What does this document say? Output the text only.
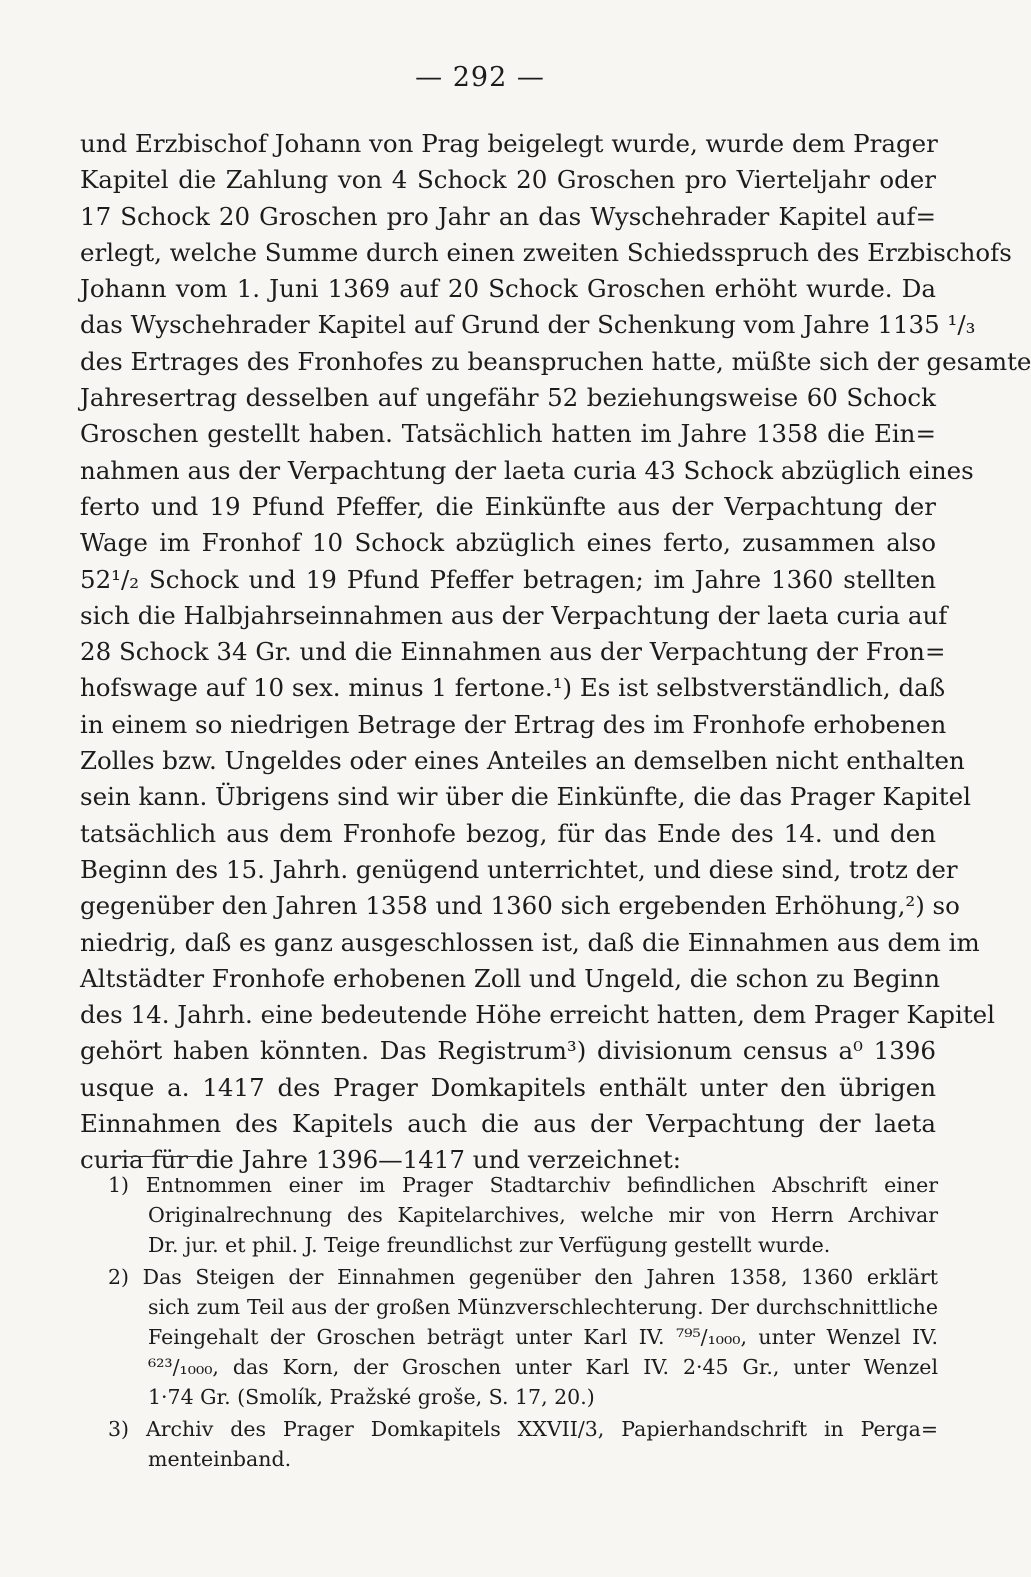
— 292 —
und Erzbischof Johann von Prag beigelegt wurde, wurde dem Prager
Kapitel die Zahlung von 4 Schock 20 Groschen pro Vierteljahr oder
17 Schock 20 Groschen pro Jahr an das Wyschehrader Kapitel auf=
erlegt, welche Summe durch einen zweiten Schiedsspruch des Erzbischofs
Johann vom 1. Juni 1369 auf 20 Schock Groschen erhöht wurde. Da
das Wyschehrader Kapitel auf Grund der Schenkung vom Jahre 1135 ¹/₃
des Ertrages des Fronhofes zu beanspruchen hatte, müßte sich der gesamte
Jahresertrag desselben auf ungefähr 52 beziehungsweise 60 Schock
Groschen gestellt haben. Tatsächlich hatten im Jahre 1358 die Ein=
nahmen aus der Verpachtung der laeta curia 43 Schock abzüglich eines
ferto und 19 Pfund Pfeffer, die Einkünfte aus der Verpachtung der
Wage im Fronhof 10 Schock abzüglich eines ferto, zusammen also
52¹/₂ Schock und 19 Pfund Pfeffer betragen; im Jahre 1360 stellten
sich die Halbjahrseinnahmen aus der Verpachtung der laeta curia auf
28 Schock 34 Gr. und die Einnahmen aus der Verpachtung der Fron=
hofswage auf 10 sex. minus 1 fertone.¹) Es ist selbstverständlich, daß
in einem so niedrigen Betrage der Ertrag des im Fronhofe erhobenen
Zolles bzw. Ungeldes oder eines Anteiles an demselben nicht enthalten
sein kann. Übrigens sind wir über die Einkünfte, die das Prager Kapitel
tatsächlich aus dem Fronhofe bezog, für das Ende des 14. und den
Beginn des 15. Jahrh. genügend unterrichtet, und diese sind, trotz der
gegenüber den Jahren 1358 und 1360 sich ergebenden Erhöhung,²) so
niedrig, daß es ganz ausgeschlossen ist, daß die Einnahmen aus dem im
Altstädter Fronhofe erhobenen Zoll und Ungeld, die schon zu Beginn
des 14. Jahrh. eine bedeutende Höhe erreicht hatten, dem Prager Kapitel
gehört haben könnten. Das Registrum³) divisionum census a⁰ 1396
usque a. 1417 des Prager Domkapitels enthält unter den übrigen
Einnahmen des Kapitels auch die aus der Verpachtung der laeta
curia für die Jahre 1396—1417 und verzeichnet:
1) Entnommen einer im Prager Stadtarchiv befindlichen Abschrift einer
Originalrechnung des Kapitelarchives, welche mir von Herrn Archivar
Dr. jur. et phil. J. Teige freundlichst zur Verfügung gestellt wurde.
2) Das Steigen der Einnahmen gegenüber den Jahren 1358, 1360 erklärt
sich zum Teil aus der großen Münzverschlechterung. Der durchschnittliche
Feingehalt der Groschen beträgt unter Karl IV. ⁷⁹⁵/₁₀₀₀, unter Wenzel IV.
⁶²³/₁₀₀₀, das Korn, der Groschen unter Karl IV. 2·45 Gr., unter Wenzel
1·74 Gr. (Smolík, Pražské groše, S. 17, 20.)
3) Archiv des Prager Domkapitels XXVII/3, Papierhandschrift in Perga=
menteinband.
